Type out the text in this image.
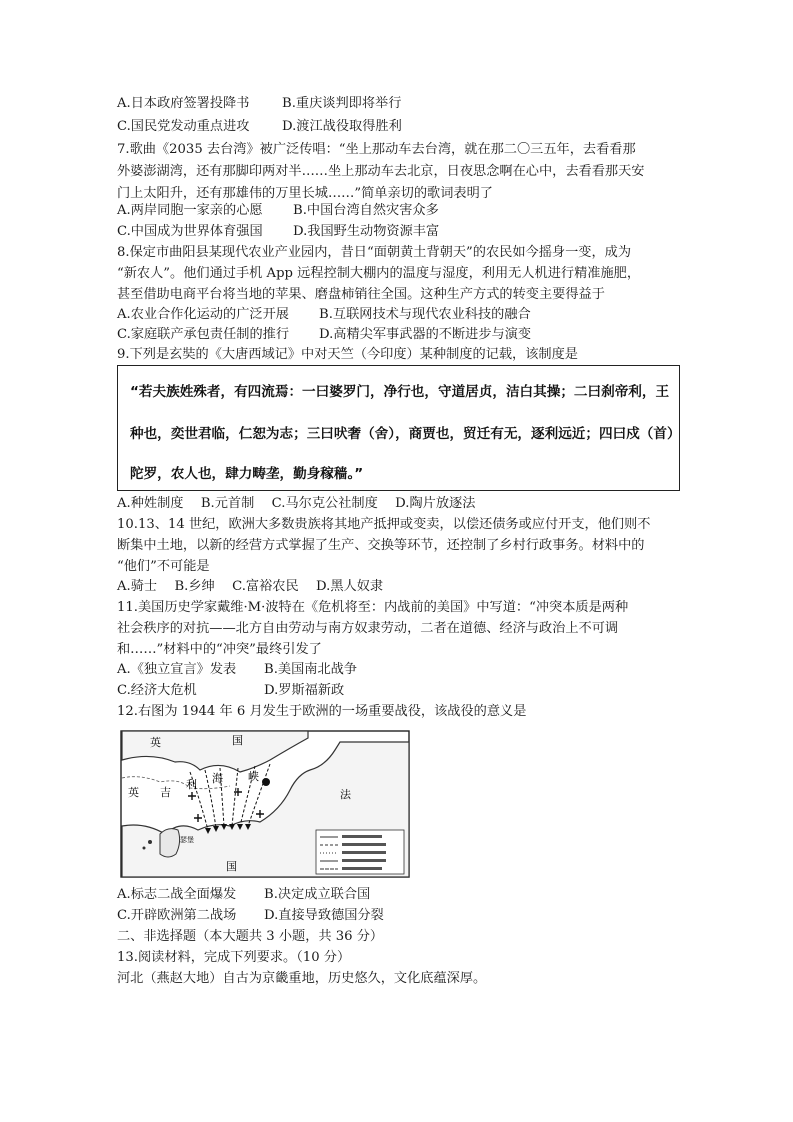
A.日本政府签署投降书 B.重庆谈判即将举行
C.国民党发动重点进攻 D.渡江战役取得胜利
7.歌曲《2035 去台湾》被广泛传唱：“坐上那动车去台湾，就在那二〇三五年，去看看那
外婆澎湖湾，还有那脚印两对半……坐上那动车去北京，日夜思念啊在心中，去看看那天安
门上太阳升，还有那雄伟的万里长城……”简单亲切的歌词表明了
A.两岸同胞一家亲的心愿 B.中国台湾自然灾害众多
C.中国成为世界体育强国 D.我国野生动物资源丰富
8.保定市曲阳县某现代农业产业园内，昔日“面朝黄土背朝天”的农民如今摇身一变，成为
“新农人”。他们通过手机 App 远程控制大棚内的温度与湿度，利用无人机进行精准施肥，
甚至借助电商平台将当地的苹果、磨盘柿销往全国。这种生产方式的转变主要得益于
A.农业合作化运动的广泛开展 B.互联网技术与现代农业科技的融合
C.家庭联产承包责任制的推行 D.高精尖军事武器的不断进步与演变
9.下列是玄奘的《大唐西域记》中对天竺（今印度）某种制度的记载，该制度是
“若夫族姓殊者，有四流焉：一曰婆罗门，净行也，守道居贞，洁白其操；二曰刹帝利，王
种也，奕世君临，仁恕为志；三曰吠奢（舍），商贾也，贸迁有无，逐利远近；四曰戍（首）
陀罗，农人也，肆力畴垄，勤身稼穑。”
A.种姓制度　 B.元首制　 C.马尔克公社制度　 D.陶片放逐法
10.13、14 世纪，欧洲大多数贵族将其地产抵押或变卖，以偿还债务或应付开支，他们则不
断集中土地，以新的经营方式掌握了生产、交换等环节，还控制了乡村行政事务。材料中的
“他们”不可能是
A.骑士　 B.乡绅　 C.富裕农民　 D.黑人奴隶
11.美国历史学家戴维·M·波特在《危机将至：内战前的美国》中写道：“冲突本质是两种
社会秩序的对抗——北方自由劳动与南方奴隶劳动，二者在道德、经济与政治上不可调
和……”材料中的“冲突”最终引发了
A.《独立宣言》发表 B.美国南北战争
C.经济大危机	D.罗斯福新政
12.右图为 1944 年 6 月发生于欧洲的一场重要战役，该战役的意义是
英	国
英 吉
利 海 峡
法
国
瑟堡
A.标志二战全面爆发 B.决定成立联合国
C.开辟欧洲第二战场 D.直接导致德国分裂
二、非选择题（本大题共 3 小题，共 36 分）
13.阅读材料，完成下列要求。（10 分）
河北（燕赵大地）自古为京畿重地，历史悠久，文化底蕴深厚。
